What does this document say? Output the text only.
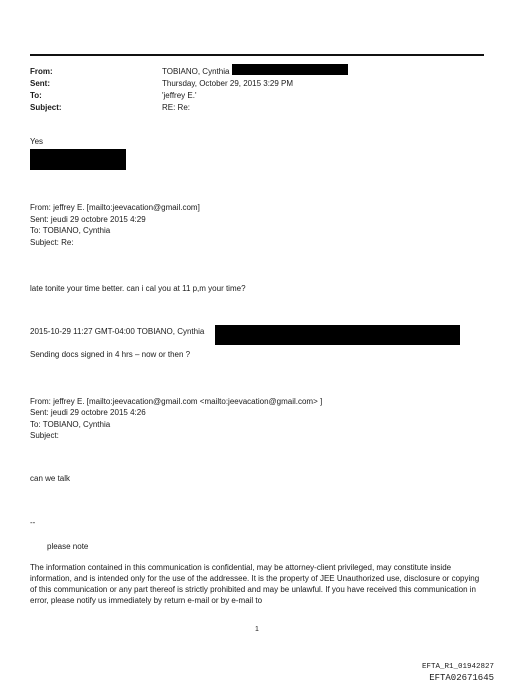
From:	TOBIANO, Cynthia
Sent:	Thursday, October 29, 2015 3:29 PM
To:	'jeffrey E.'
Subject:	RE: Re:
Yes
From: jeffrey E. [mailto:jeevacation@gmail.com]
Sent: jeudi 29 octobre 2015 4:29
To: TOBIANO, Cynthia
Subject: Re:
late tonite your time better. can i cal you at 11 p,m your time?
2015-10-29 11:27 GMT-04:00 TOBIANO, Cynthia
Sending docs signed in 4 hrs – now or then ?
From: jeffrey E. [mailto:jeevacation@gmail.com <mailto:jeevacation@gmail.com> ]
Sent: jeudi 29 octobre 2015 4:26
To: TOBIANO, Cynthia
Subject:
can we talk
--
please note
The information contained in this communication is confidential, may be attorney-client privileged, may constitute inside information, and is intended only for the use of the addressee. It is the property of JEE Unauthorized use, disclosure or copying of this communication or any part thereof is strictly prohibited and may be unlawful. If you have received this communication in error, please notify us immediately by return e-mail or by e-mail to
1
EFTA_R1_01942827
EFTA02671645
